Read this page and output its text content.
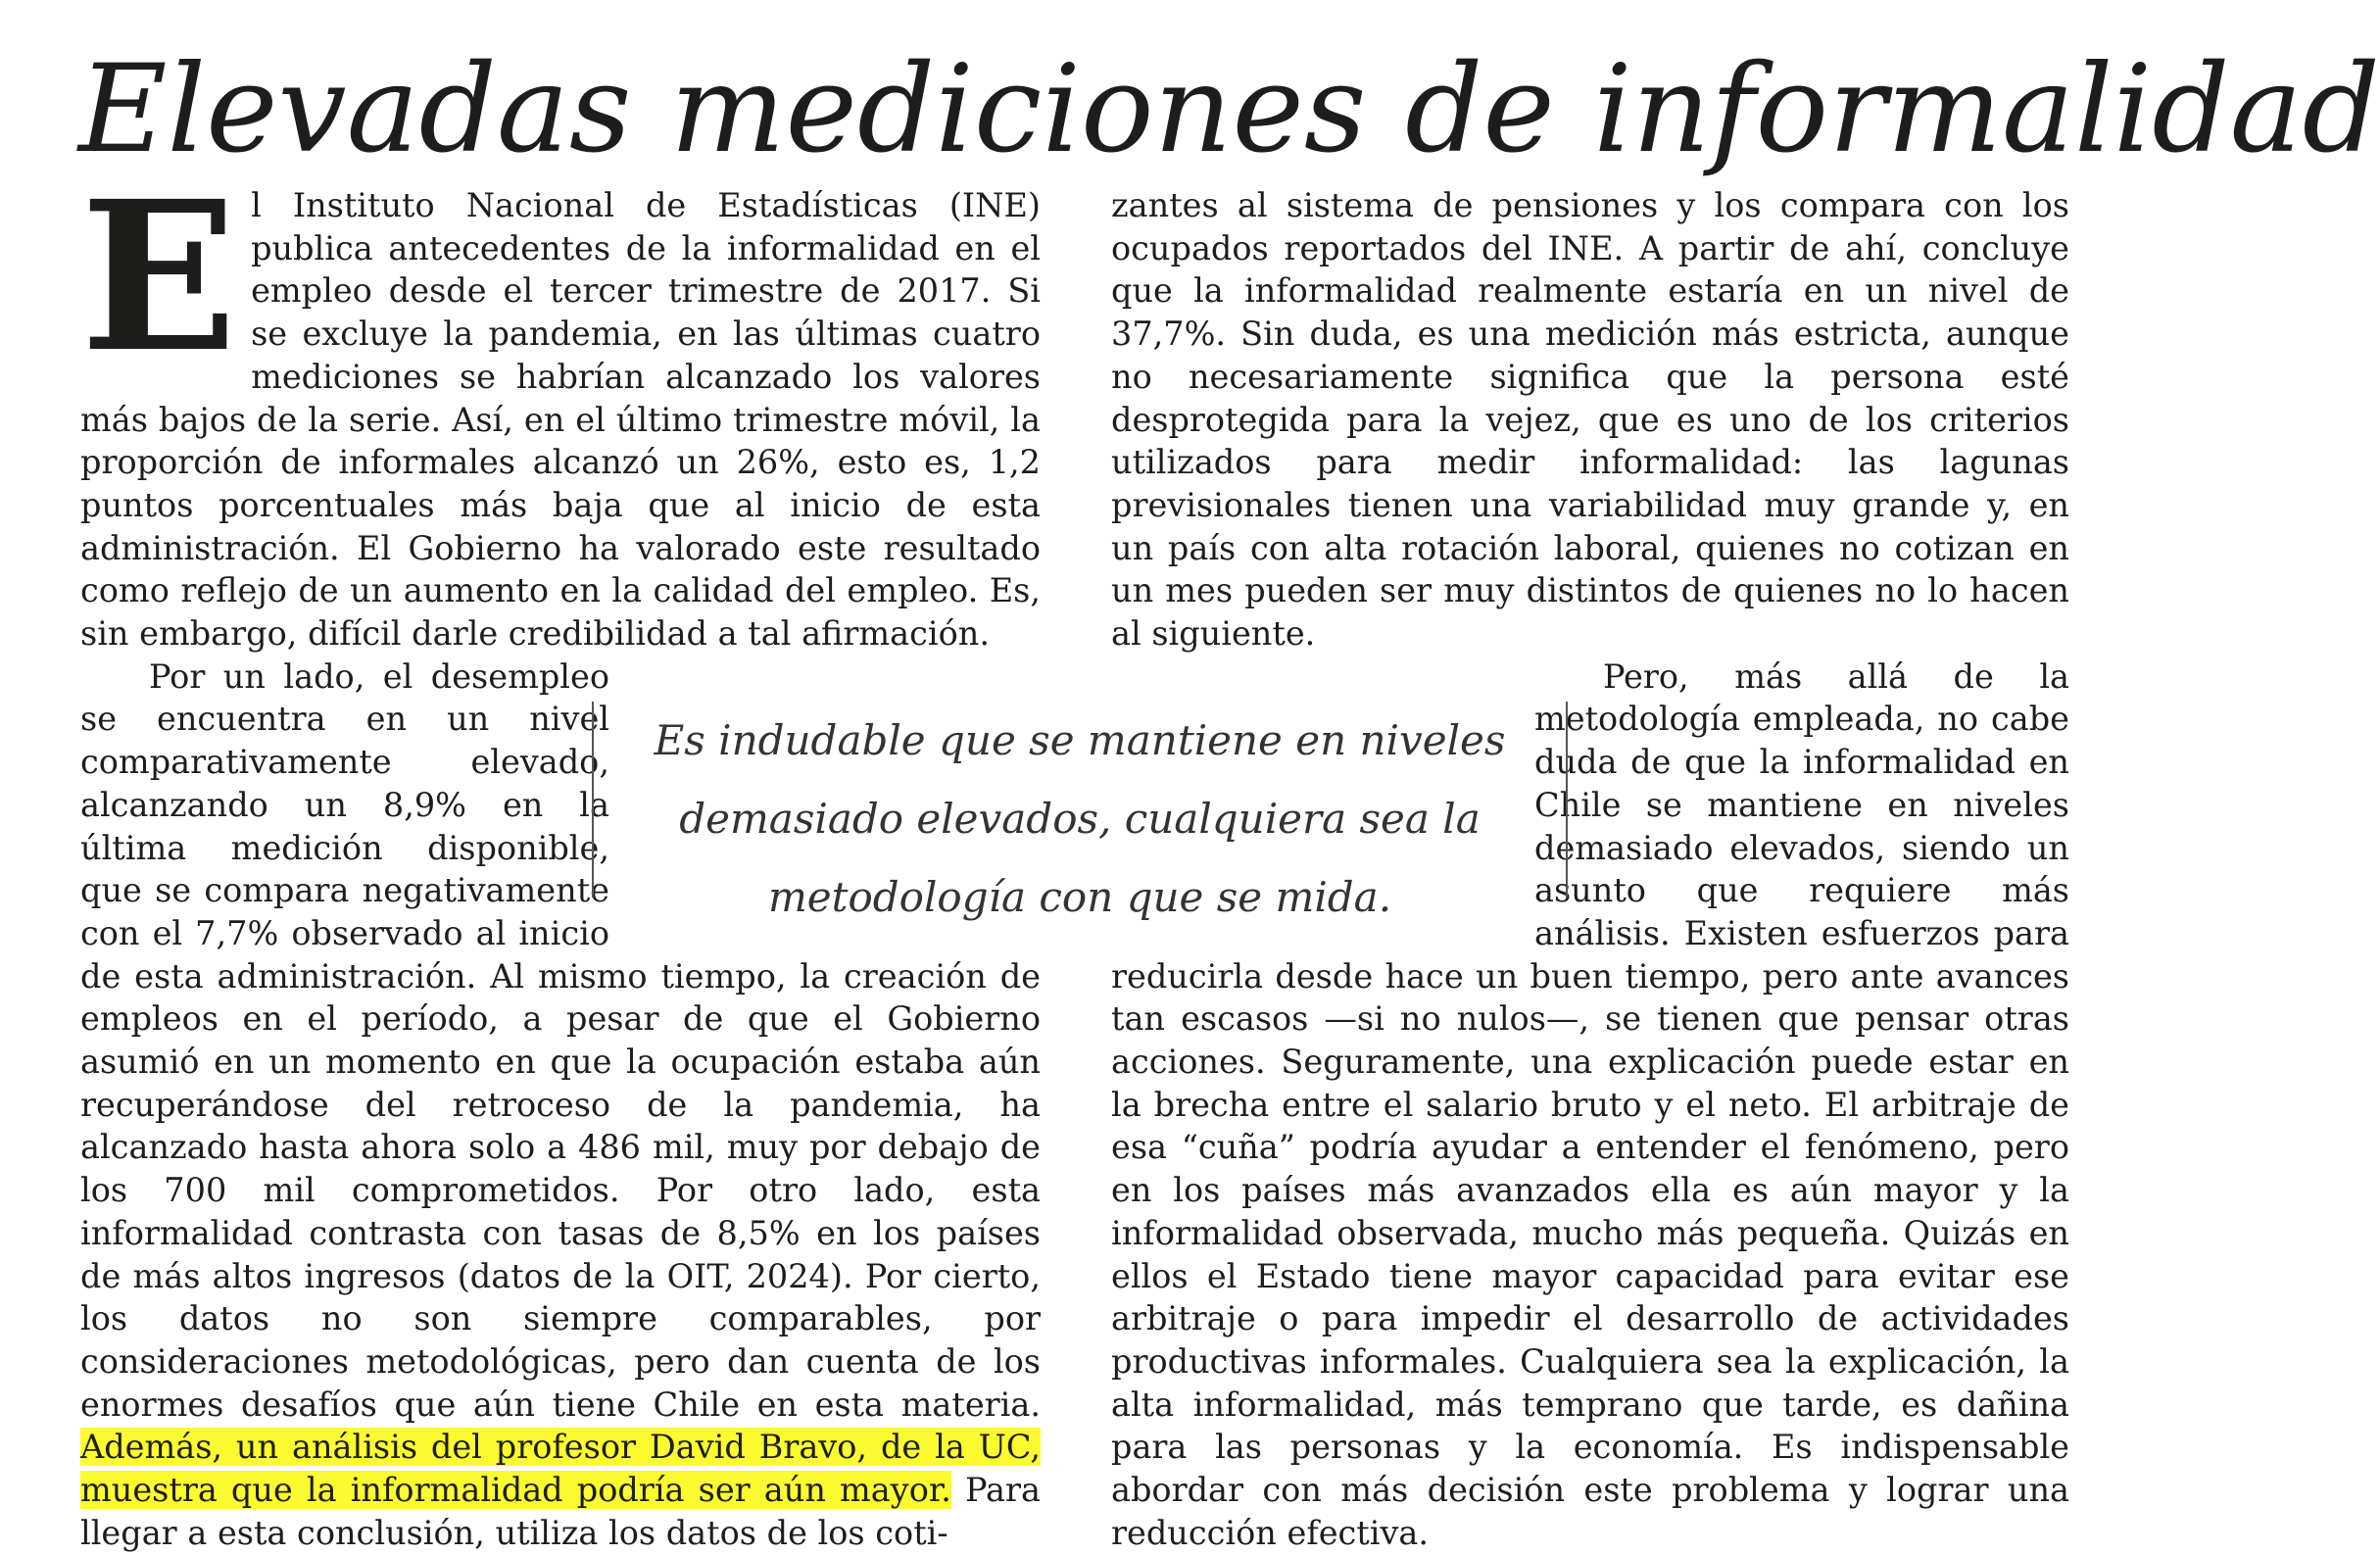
Elevadas mediciones de informalidad

El Instituto Nacional de Estadísticas (INE) publica antecedentes de la informalidad en el empleo desde el tercer trimestre de 2017. Si se excluye la pandemia, en las últimas cuatro mediciones se habrían alcanzado los valores más bajos de la serie. Así, en el último trimestre móvil, la proporción de informales alcanzó un 26%, esto es, 1,2 puntos porcentuales más baja que al inicio de esta administración. El Gobierno ha valorado este resultado como reflejo de un aumento en la calidad del empleo. Es, sin embargo, difícil darle credibilidad a tal afirmación.

Por un lado, el desempleo se encuentra en un nivel comparativamente elevado, alcanzando un 8,9% en la última medición disponible, que se compara negativamente con el 7,7% observado al inicio de esta administración. Al mismo tiempo, la creación de empleos en el período, a pesar de que el Gobierno asumió en un momento en que la ocupación estaba aún recuperándose del retroceso de la pandemia, ha alcanzado hasta ahora solo a 486 mil, muy por debajo de los 700 mil comprometidos. Por otro lado, esta informalidad contrasta con tasas de 8,5% en los países de más altos ingresos (datos de la OIT, 2024). Por cierto, los datos no son siempre comparables, por consideraciones metodológicas, pero dan cuenta de los enormes desafíos que aún tiene Chile en esta materia. Además, un análisis del profesor David Bravo, de la UC, muestra que la informalidad podría ser aún mayor. Para llegar a esta conclusión, utiliza los datos de los coti-

zantes al sistema de pensiones y los compara con los ocupados reportados del INE. A partir de ahí, concluye que la informalidad realmente estaría en un nivel de 37,7%. Sin duda, es una medición más estricta, aunque no necesariamente significa que la persona esté desprotegida para la vejez, que es uno de los criterios utilizados para medir informalidad: las lagunas previsionales tienen una variabilidad muy grande y, en un país con alta rotación laboral, quienes no cotizan en un mes pueden ser muy distintos de quienes no lo hacen al siguiente.

Pero, más allá de la metodología empleada, no cabe duda de que la informalidad en Chile se mantiene en niveles demasiado elevados, siendo un asunto que requiere más análisis. Existen esfuerzos para reducirla desde hace un buen tiempo, pero ante avances tan escasos —si no nulos—, se tienen que pensar otras acciones. Seguramente, una explicación puede estar en la brecha entre el salario bruto y el neto. El arbitraje de esa “cuña” podría ayudar a entender el fenómeno, pero en los países más avanzados ella es aún mayor y la informalidad observada, mucho más pequeña. Quizás en ellos el Estado tiene mayor capacidad para evitar ese arbitraje o para impedir el desarrollo de actividades productivas informales. Cualquiera sea la explicación, la alta informalidad, más temprano que tarde, es dañina para las personas y la economía. Es indispensable abordar con más decisión este problema y lograr una reducción efectiva.

Es indudable que se mantiene en niveles demasiado elevados, cualquiera sea la metodología con que se mida.
